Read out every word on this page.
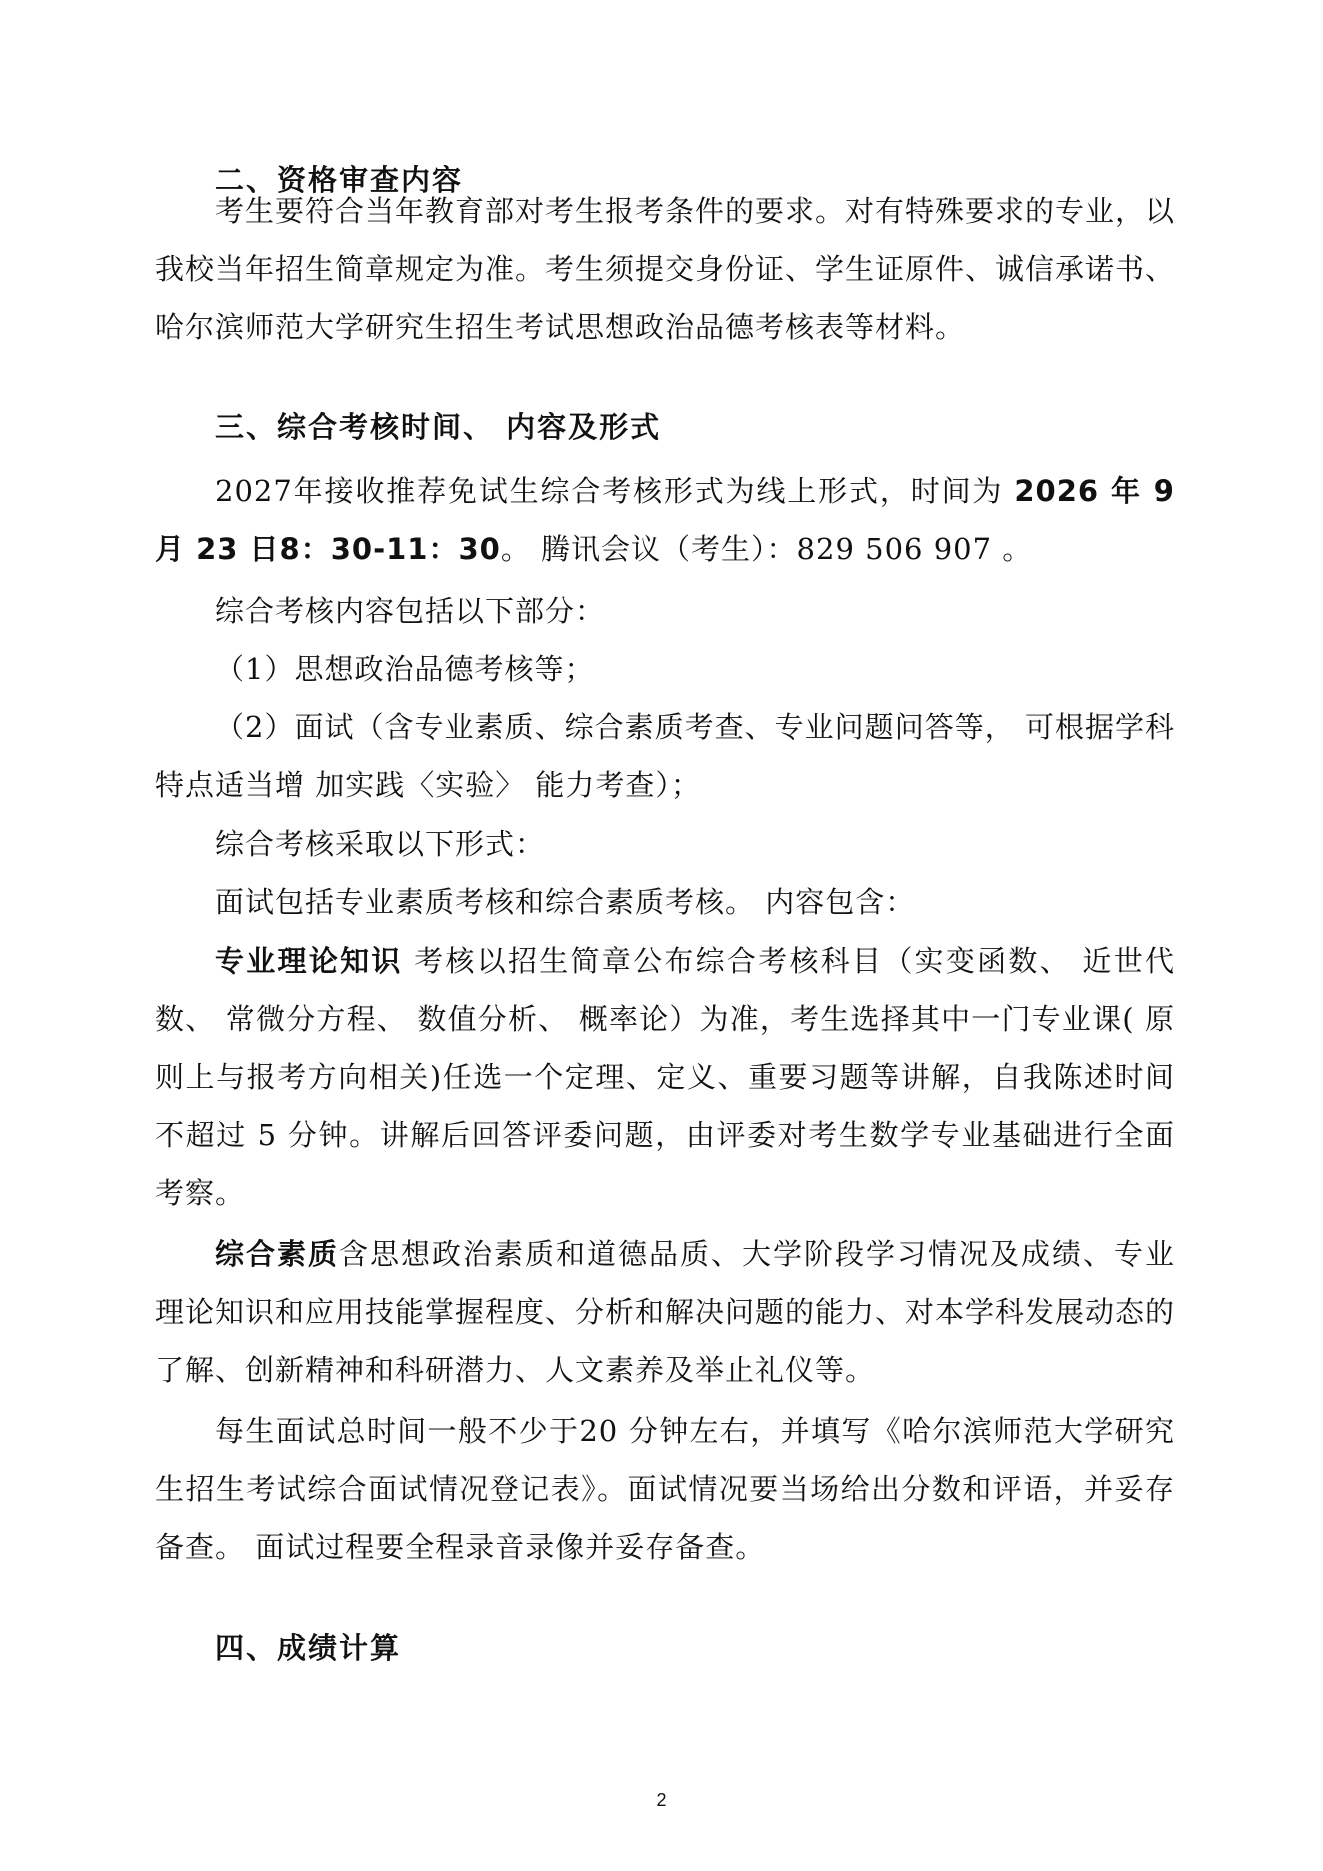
二、资格审查内容
考生要符合当年教育部对考生报考条件的要求。对有特殊要求的专业，以我校当年招生简章规定为准。考生须提交身份证、学生证原件、诚信承诺书、哈尔滨师范大学研究生招生考试思想政治品德考核表等材料。
三、综合考核时间、 内容及形式
2027年接收推荐免试生综合考核形式为线上形式，时间为 2026 年 9 月 23 日8：30-11：30。 腾讯会议（考生）：829 506 907 。
综合考核内容包括以下部分：
（1）思想政治品德考核等；
（2）面试（含专业素质、综合素质考查、专业问题问答等， 可根据学科特点适当增 加实践〈实验〉 能力考查）；
综合考核采取以下形式：
面试包括专业素质考核和综合素质考核。 内容包含：
专业理论知识 考核以招生简章公布综合考核科目（实变函数、 近世代数、 常微分方程、 数值分析、 概率论）为准，考生选择其中一门专业课( 原则上与报考方向相关)任选一个定理、定义、重要习题等讲解，自我陈述时间不超过 5 分钟。讲解后回答评委问题，由评委对考生数学专业基础进行全面考察。
综合素质含思想政治素质和道德品质、大学阶段学习情况及成绩、专业理论知识和应用技能掌握程度、分析和解决问题的能力、对本学科发展动态的了解、创新精神和科研潜力、人文素养及举止礼仪等。
每生面试总时间一般不少于20 分钟左右，并填写《哈尔滨师范大学研究生招生考试综合面试情况登记表》。面试情况要当场给出分数和评语，并妥存备查。 面试过程要全程录音录像并妥存备查。
四、成绩计算
2
